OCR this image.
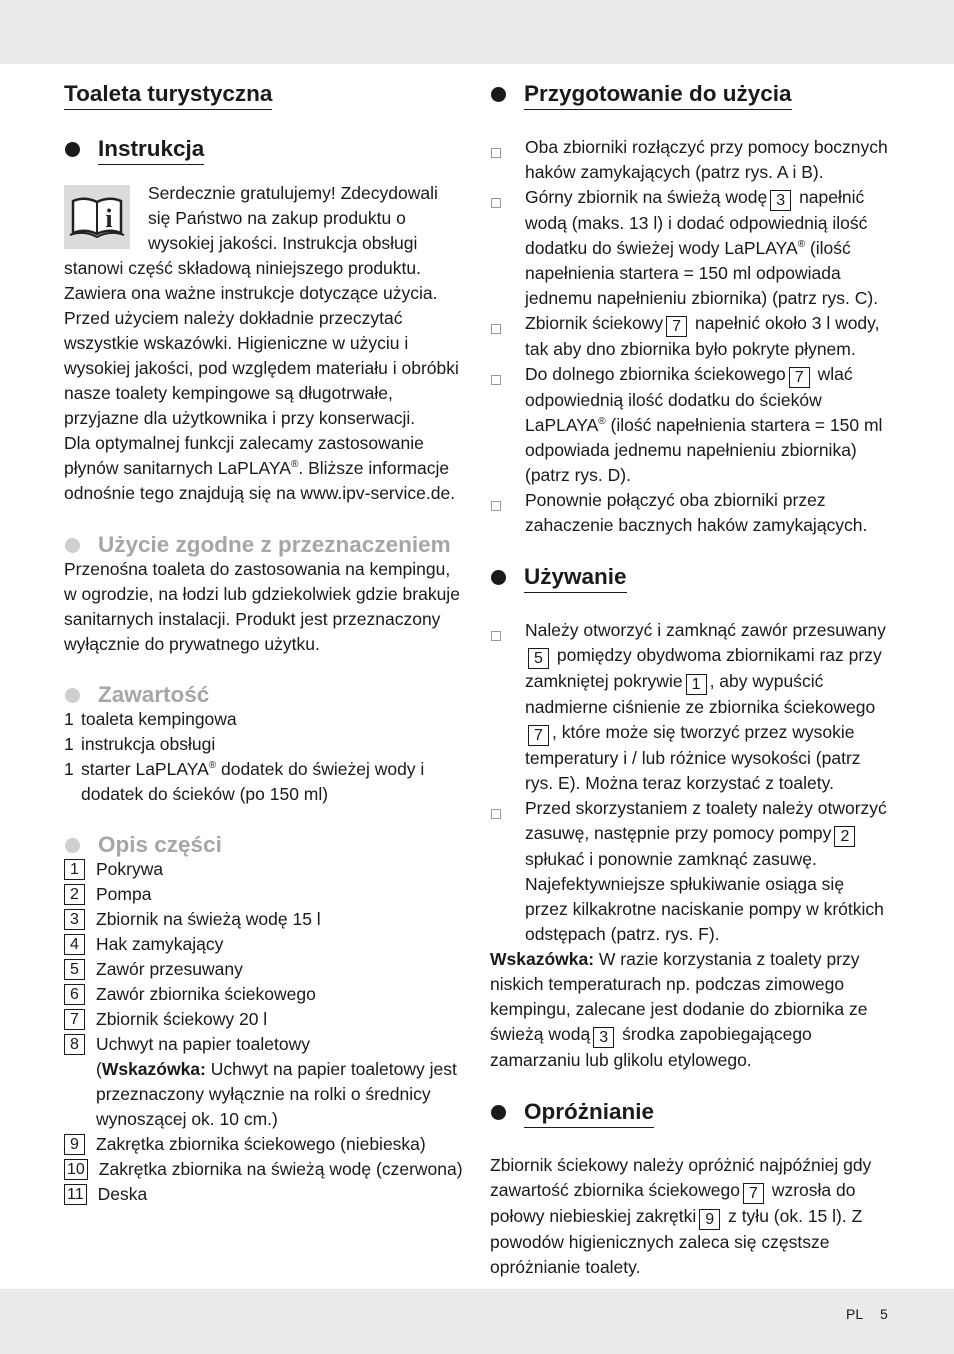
Toaleta turystyczna
Instrukcja
i

Serdecznie gratulujemy! Zdecydowali się Państwo na zakup produktu o wysokiej jakości. Instrukcja obsługi stanowi część składową niniejszego produktu. Zawiera ona ważne instrukcje dotyczące użycia. Przed użyciem należy dokładnie przeczytać wszystkie wskazówki. Higieniczne w użyciu i wysokiej jakości, pod względem materiału i obróbki nasze toalety kempingowe są długotrwałe, przyjazne dla użytkownika i przy konserwacji.

Dla optymalnej funkcji zalecamy zastosowanie płynów sanitarnych LaPLAYA®. Bliższe informacje odnośnie tego znajdują się na www.ipv-service.de.

Użycie zgodne z przeznaczeniem

Przenośna toaleta do zastosowania na kempingu, w ogrodzie, na łodzi lub gdziekolwiek gdzie brakuje sanitarnych instalacji. Produkt jest przeznaczony wyłącznie do prywatnego użytku.

Zawartość
1 toaleta kempingowa
1 instrukcja obsługi
1 starter LaPLAYA® dodatek do świeżej wody i dodatek do ścieków (po 150 ml)
Opis części
1 Pokrywa
2 Pompa
3 Zbiornik na świeżą wodę 15 l
4 Hak zamykający
5 Zawór przesuwany
6 Zawór zbiornika ściekowego
7 Zbiornik ściekowy 20 l
8 Uchwyt na papier toaletowy
(Wskazówka: Uchwyt na papier toaletowy jest przeznaczony wyłącznie na rolki o średnicy wynoszącej ok. 10 cm.)
9 Zakrętka zbiornika ściekowego (niebieska)
10 Zakrętka zbiornika na świeżą wodę (czerwona)
11 Deska
Przygotowanie do użycia
Oba zbiorniki rozłączyć przy pomocy bocznych haków zamykających (patrz rys. A i B).
Górny zbiornik na świeżą wodę 3 napełnić wodą (maks. 13 l) i dodać odpowiednią ilość dodatku do świeżej wody LaPLAYA® (ilość napełnienia startera = 150 ml odpowiada jednemu napełnieniu zbiornika) (patrz rys. C).
Zbiornik ściekowy 7 napełnić około 3 l wody, tak aby dno zbiornika było pokryte płynem.
Do dolnego zbiornika ściekowego 7 wlać odpowiednią ilość dodatku do ścieków LaPLAYA® (ilość napełnienia startera = 150 ml odpowiada jednemu napełnieniu zbiornika) (patrz rys. D).
Ponownie połączyć oba zbiorniki przez zahaczenie bacznych haków zamykających.
Używanie
Należy otworzyć i zamknąć zawór przesuwany5 pomiędzy obydwoma zbiornikami raz przy zamkniętej pokrywie 1 , aby wypuścić nadmierne ciśnienie ze zbiornika ściekowego7 , które może się tworzyć przez wysokie temperatury i / lub różnice wysokości (patrz rys. E). Można teraz korzystać z toalety.
Przed skorzystaniem z toalety należy otworzyć zasuwę, następnie przy pomocy pompy 2 spłukać i ponownie zamknąć zasuwę. Najefektywniejsze spłukiwanie osiąga się przez kilkakrotne naciskanie pompy w krótkich odstępach (patrz. rys. F).

Wskazówka: W razie korzystania z toalety przy niskich temperaturach np. podczas zimowego kempingu, zalecane jest dodanie do zbiornika ze świeżą wodą 3 środka zapobiegającego zamarzaniu lub glikolu etylowego.

Opróżnianie

Zbiornik ściekowy należy opróżnić najpóźniej gdy zawartość zbiornika ściekowego 7 wzrosła do połowy niebieskiej zakrętki 9 z tyłu (ok. 15 l). Z powodów higienicznych zaleca się częstsze opróżnianie toalety.

PL 5
